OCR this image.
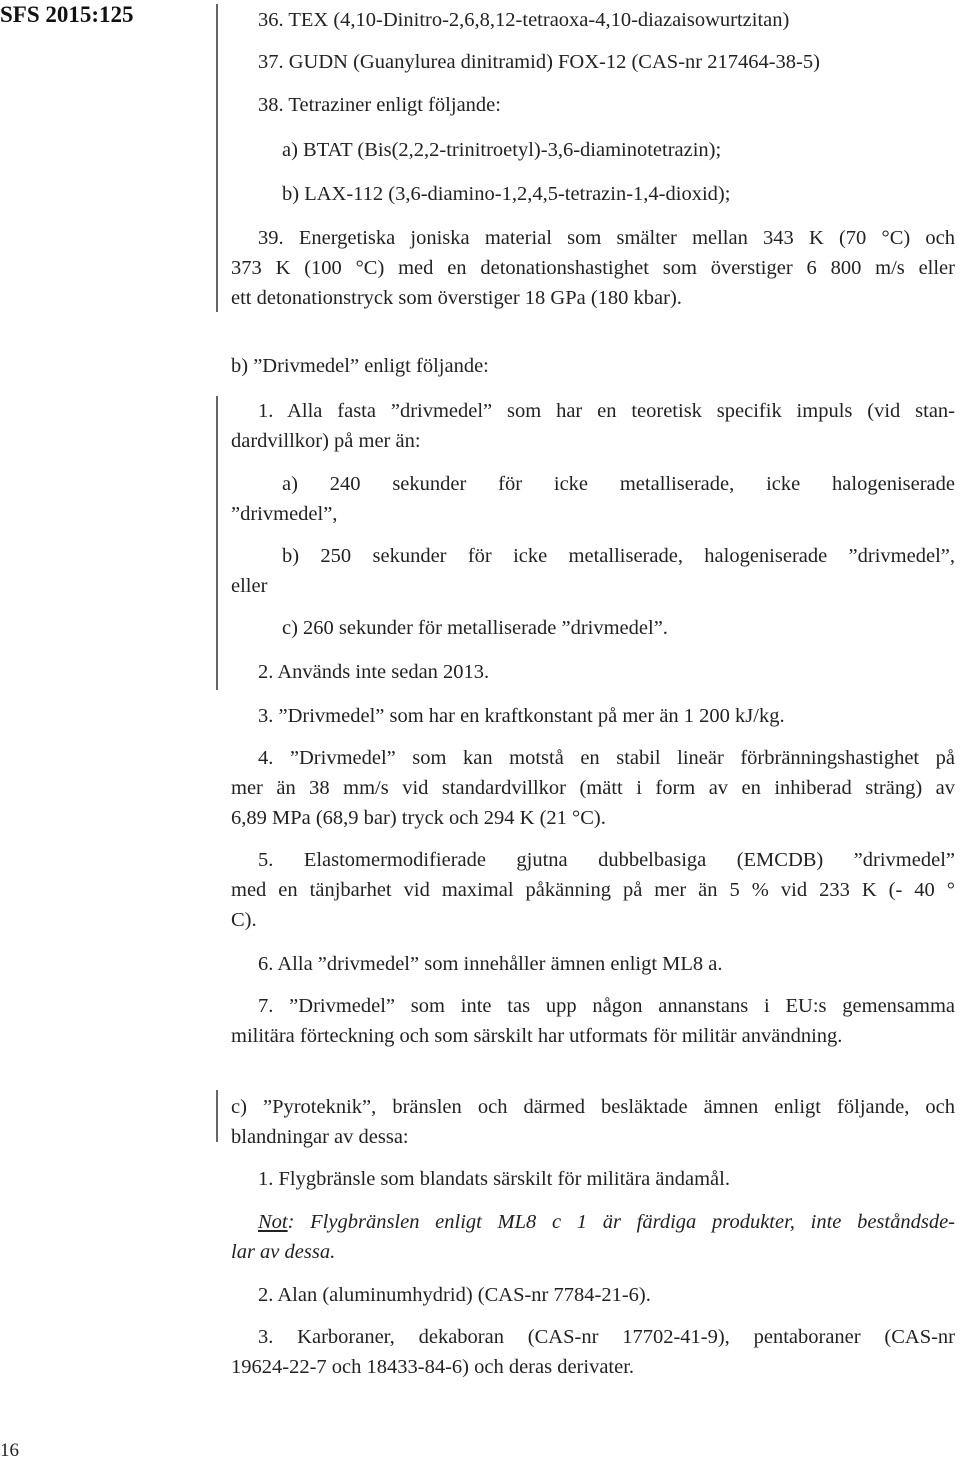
SFS 2015:125	36. TEX (4,10-Dinitro-2,6,8,12-tetraoxa-4,10-diazaisowurtzitan)
37. GUDN (Guanylurea dinitramid) FOX-12 (CAS-nr 217464-38-5)
38. Tetraziner enligt följande:
a) BTAT (Bis(2,2,2-trinitroetyl)-3,6-diaminotetrazin);
b) LAX-112 (3,6-diamino-1,2,4,5-tetrazin-1,4-dioxid);
39. Energetiska joniska material som smälter mellan 343 K (70 °C) och
373 K (100 °C) med en detonationshastighet som överstiger 6 800 m/s eller
ett detonationstryck som överstiger 18 GPa (180 kbar).
b) ”Drivmedel” enligt följande:
1. Alla fasta ”drivmedel” som har en teoretisk specifik impuls (vid stan-
dardvillkor) på mer än:
a) 240 sekunder för icke metalliserade, icke halogeniserade
”drivmedel”,
b) 250 sekunder för icke metalliserade, halogeniserade ”drivmedel”,
eller
c) 260 sekunder för metalliserade ”drivmedel”.
2. Används inte sedan 2013.
3. ”Drivmedel” som har en kraftkonstant på mer än 1 200 kJ/kg.
4. ”Drivmedel” som kan motstå en stabil lineär förbränningshastighet på
mer än 38 mm/s vid standardvillkor (mätt i form av en inhiberad sträng) av
6,89 MPa (68,9 bar) tryck och 294 K (21 °C).
5. Elastomermodifierade gjutna dubbelbasiga (EMCDB) ”drivmedel”
med en tänjbarhet vid maximal påkänning på mer än 5 % vid 233 K (- 40 °
C).
6. Alla ”drivmedel” som innehåller ämnen enligt ML8 a.
7. ”Drivmedel” som inte tas upp någon annanstans i EU:s gemensamma
militära förteckning och som särskilt har utformats för militär användning.
c) ”Pyroteknik”, bränslen och därmed besläktade ämnen enligt följande, och
blandningar av dessa:
1. Flygbränsle som blandats särskilt för militära ändamål.
Not: Flygbränslen enligt ML8 c 1 är färdiga produkter, inte beståndsde-
lar av dessa.
2. Alan (aluminumhydrid) (CAS-nr 7784-21-6).
3. Karboraner, dekaboran (CAS-nr 17702-41-9), pentaboraner (CAS-nr
19624-22-7 och 18433-84-6) och deras derivater.
16
